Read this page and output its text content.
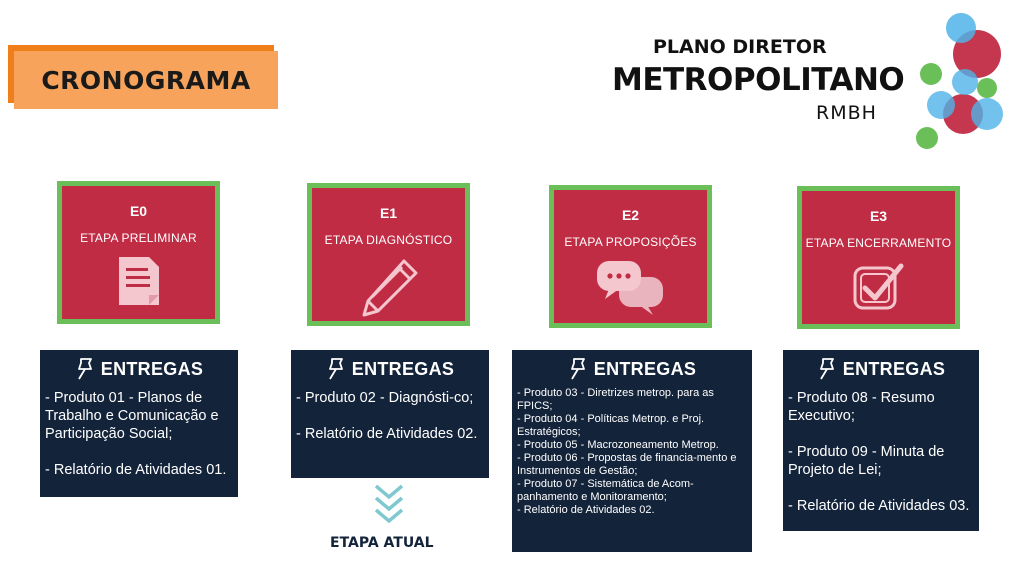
CRONOGRAMA
PLANO DIRETOR
METROPOLITANO
RMBH
E0
ETAPA PRELIMINAR
E1
ETAPA DIAGNÓSTICO
E2
ETAPA PROPOSIÇÕES
E3
ETAPA ENCERRAMENTO
ENTREGAS
- Produto 01 - Planos de Trabalho e Comunicação e Participação Social;

- Relatório de Atividades 01.
ENTREGAS
- Produto 02 - Diagnósti-co;

- Relatório de Atividades 02.
ENTREGAS
- Produto 03 - Diretrizes metrop. para as FPICS;
- Produto 04 - Políticas Metrop. e Proj. Estratégicos;
- Produto 05 - Macrozoneamento Metrop.
- Produto 06 - Propostas de financia-mento e Instrumentos de Gestão;
- Produto 07 - Sistemática de Acom-panhamento e Monitoramento;
- Relatório de Atividades 02.
ENTREGAS
- Produto 08 - Resumo Executivo;

- Produto 09 - Minuta de Projeto de Lei;

- Relatório de Atividades 03.
ETAPA ATUAL
